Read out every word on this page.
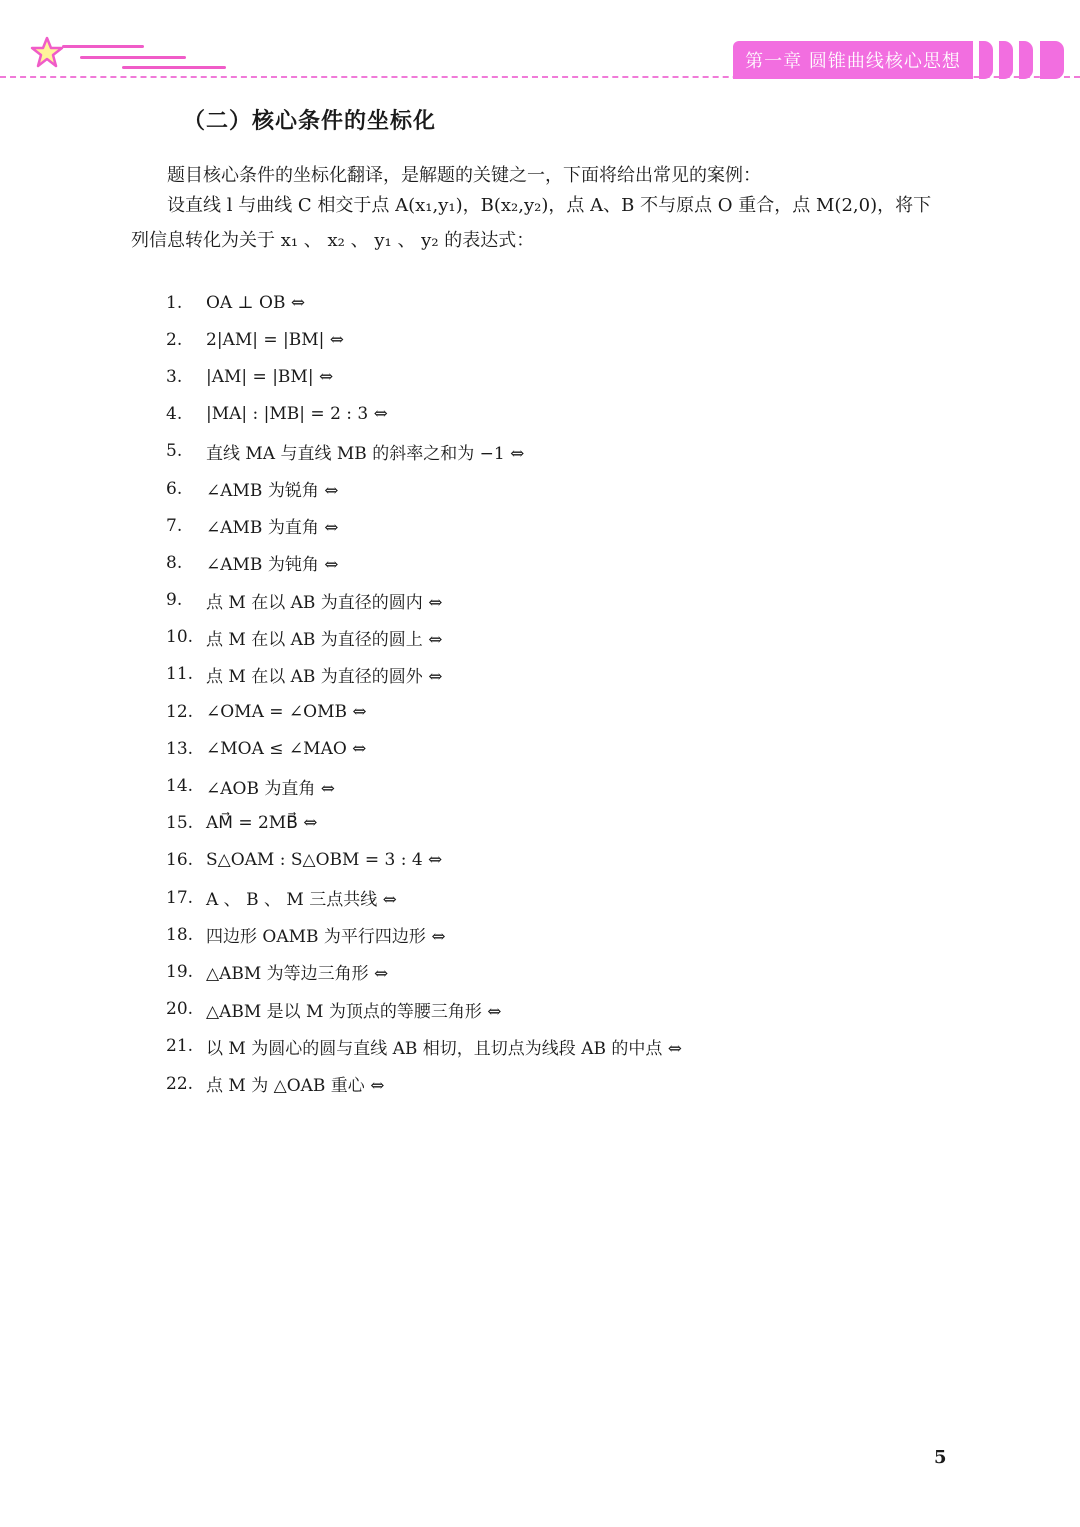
第一章 圆锥曲线核心思想
（二）核心条件的坐标化
题目核心条件的坐标化翻译，是解题的关键之一，下面将给出常见的案例：
设直线 l 与曲线 C 相交于点 A(x₁,y₁)，B(x₂,y₂)，点 A、B 不与原点 O 重合，点 M(2,0)，将下
列信息转化为关于 x₁ 、 x₂ 、 y₁ 、 y₂ 的表达式：
1.	OA ⊥ OB ⇔
2.	2|AM| = |BM| ⇔
3.	|AM| = |BM| ⇔
4.	|MA| : |MB| = 2 : 3 ⇔
5.	直线 MA 与直线 MB 的斜率之和为 −1 ⇔
6.	∠AMB 为锐角 ⇔
7.	∠AMB 为直角 ⇔
8.	∠AMB 为钝角 ⇔
9.	点 M 在以 AB 为直径的圆内 ⇔
10. 点 M 在以 AB 为直径的圆上 ⇔
11. 点 M 在以 AB 为直径的圆外 ⇔
12. ∠OMA = ∠OMB ⇔
13. ∠MOA ≤ ∠MAO ⇔
14. ∠AOB 为直角 ⇔
15. AM⃗ = 2MB⃗ ⇔
16. S△OAM : S△OBM = 3 : 4 ⇔
17. A 、 B 、 M 三点共线 ⇔
18. 四边形 OAMB 为平行四边形 ⇔
19. △ABM 为等边三角形 ⇔
20. △ABM 是以 M 为顶点的等腰三角形 ⇔
21. 以 M 为圆心的圆与直线 AB 相切，且切点为线段 AB 的中点 ⇔
22. 点 M 为 △OAB 重心 ⇔
5
